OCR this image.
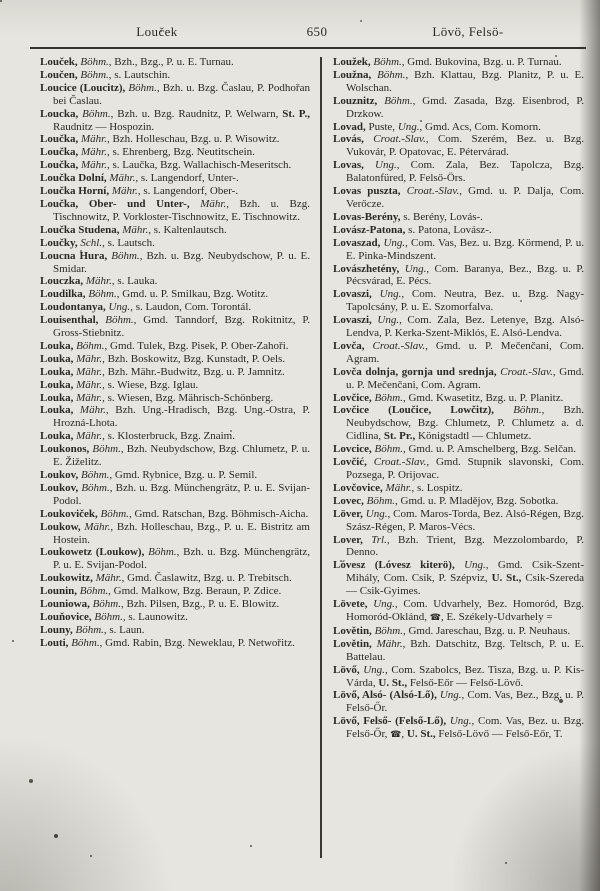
Louček	650	Lövö, Felsö-

Louček, Böhm., Bzh., Bzg., P. u. E. Turnau.

Loučen, Böhm., s. Lautschin.

Loucice (Loucitz), Böhm., Bzh. u. Bzg. Časlau, P. Podhořan bei Časlau.

Loucka, Böhm., Bzh. u. Bzg. Raudnitz, P. Welwarn, St. P., Raudnitz — Hospozin.

Loučka, Mähr., Bzh. Holleschau, Bzg. u. P. Wisowitz.

Loučka, Mähr., s. Ehrenberg, Bzg. Neutitschein.

Loučka, Mähr., s. Laučka, Bzg. Wallachisch-Meseritsch.

Loučka Dolní, Mähr., s. Langendorf, Unter-.

Loučka Horní, Mähr., s. Langendorf, Ober-.

Loučka, Ober- und Unter-, Mähr., Bzh. u. Bzg. Tischnowitz, P. Vorkloster-Tischnowitz, E. Tischnowitz.

Loučka Studena, Mähr., s. Kaltenlautsch.

Loučky, Schl., s. Lautsch.

Loucna Hura, Böhm., Bzh. u. Bzg. Neubydschow, P. u. E. Smidar.

Louczka, Mähr., s. Lauka.

Loudilka, Böhm., Gmd. u. P. Smilkau, Bzg. Wotitz.

Loudontanya, Ung., s. Laudon, Com. Torontál.

Louisenthal, Böhm., Gmd. Tanndorf, Bzg. Rokitnitz, P. Gross-Stiebnitz.

Louka, Böhm., Gmd. Tulek, Bzg. Pisek, P. Ober-Zahoři.

Louka, Mähr., Bzh. Boskowitz, Bzg. Kunstadt, P. Oels.

Louka, Mähr., Bzh. Mähr.-Budwitz, Bzg. u. P. Jamnitz.

Louka, Mähr., s. Wiese, Bzg. Iglau.

Louka, Mähr., s. Wiesen, Bzg. Mährisch-Schönberg.

Louka, Mähr., Bzh. Ung.-Hradisch, Bzg. Ung.-Ostra, P. Hrozná-Lhota.

Louka, Mähr., s. Klosterbruck, Bzg. Znaim.

Loukonos, Böhm., Bzh. Neubydschow, Bzg. Chlumetz, P. u. E. Žiželitz.

Loukov, Böhm., Gmd. Rybnice, Bzg. u. P. Semil.

Loukov, Böhm., Bzh. u. Bzg. Münchengrätz, P. u. E. Svijan-Podol.

Loukoviček, Böhm., Gmd. Ratschan, Bzg. Böhmisch-Aicha.

Loukow, Mähr., Bzh. Holleschau, Bzg., P. u. E. Bistritz am Hostein.

Loukowetz (Loukow), Böhm., Bzh. u. Bzg. Münchengrätz, P. u. E. Svijan-Podol.

Loukowitz, Mähr., Gmd. Časlawitz, Bzg. u. P. Trebitsch.

Lounin, Böhm., Gmd. Malkow, Bzg. Beraun, P. Zdice.

Louniowa, Böhm., Bzh. Pilsen, Bzg., P. u. E. Blowitz.

Louňovice, Böhm., s. Launowitz.

Louny, Böhm., s. Laun.

Louti, Böhm., Gmd. Rabin, Bzg. Neweklau, P. Netwořitz.

Loužek, Böhm., Gmd. Bukovina, Bzg. u. P. Turnau.

Loužna, Böhm., Bzh. Klattau, Bzg. Planitz, P. u. E. Wolschan.

Louznitz, Böhm., Gmd. Zasada, Bzg. Eisenbrod, P. Drzkow.

Lovad, Puste, Ung., Gmd. Acs, Com. Komorn.

Lovás, Croat.-Slav., Com. Szerém, Bez. u. Bzg. Vukovár, P. Opatovac, E. Pétervárad.

Lovas, Ung., Com. Zala, Bez. Tapolcza, Bzg. Balatonfüred, P. Felső-Örs.

Lovas puszta, Croat.-Slav., Gmd. u. P. Dalja, Com. Verőcze.

Lovas-Berény, s. Berény, Lovás-.

Lovász-Patona, s. Patona, Lovász-.

Lovaszad, Ung., Com. Vas, Bez. u. Bzg. Körmend, P. u. E. Pinka-Mindszent.

Lovászhetény, Ung., Com. Baranya, Bez., Bzg. u. P. Pécsvárad, E. Pécs.

Lovaszi, Ung., Com. Neutra, Bez. u. Bzg. Nagy-Tapolcsány, P. u. E. Szomorfalva.

Lovaszi, Ung., Com. Zala, Bez. Letenye, Bzg. Alsó-Lendva, P. Kerka-Szent-Miklós, E. Alsó-Lendva.

Lovča, Croat.-Slav., Gmd. u. P. Mečenčani, Com. Agram.

Lovča dolnja, gornja und srednja, Croat.-Slav., Gmd. u. P. Mečenčani, Com. Agram.

Lovčice, Böhm., Gmd. Kwasetitz, Bzg. u. P. Planitz.

Lovčice (Loučice, Lowčitz), Böhm., Bzh. Neubydschow, Bzg. Chlumetz, P. Chlumetz a. d. Cidlina, St. Pr., Königstadtl — Chlumetz.

Lovcice, Böhm., Gmd. u. P. Amschelberg, Bzg. Selčan.

Lovčić, Croat.-Slav., Gmd. Stupnik slavonski, Com. Pozsega, P. Orijovac.

Lovčovice, Mähr., s. Lospitz.

Lovec, Böhm., Gmd. u. P. Mladějov, Bzg. Sobotka.

Löver, Ung., Com. Maros-Torda, Bez. Alsó-Régen, Bzg. Szász-Régen, P. Maros-Vécs.

Lover, Trl., Bzh. Trient, Bzg. Mezzolombardo, P. Denno.

Lóvesz (Lóvesz kiterö), Ung., Gmd. Csik-Szent-Mihály, Com. Csik, P. Szépviz, U. St., Csik-Szereda — Csik-Gyimes.

Lövete, Ung., Com. Udvarhely, Bez. Homoród, Bzg. Homoród-Oklánd, ☎, E. Székely-Udvarhely =

Lovětin, Böhm., Gmd. Jareschau, Bzg. u. P. Neuhaus.

Lovětin, Mähr., Bzh. Datschitz, Bzg. Teltsch, P. u. E. Battelau.

Lövő, Ung., Com. Szabolcs, Bez. Tisza, Bzg. u. P. Kis-Várda, U. St., Felső-Eőr — Felső-Lövő.

Lövő, Alsó- (Alsó-Lő), Ung., Com. Vas, Bez., Bzg. u. P. Felső-Őr.

Lövő, Felső- (Felső-Lő), Ung., Com. Vas, Bez. u. Bzg. Felső-Őr, ☎, U. St., Felső-Lövő — Felső-Eőr, T.
